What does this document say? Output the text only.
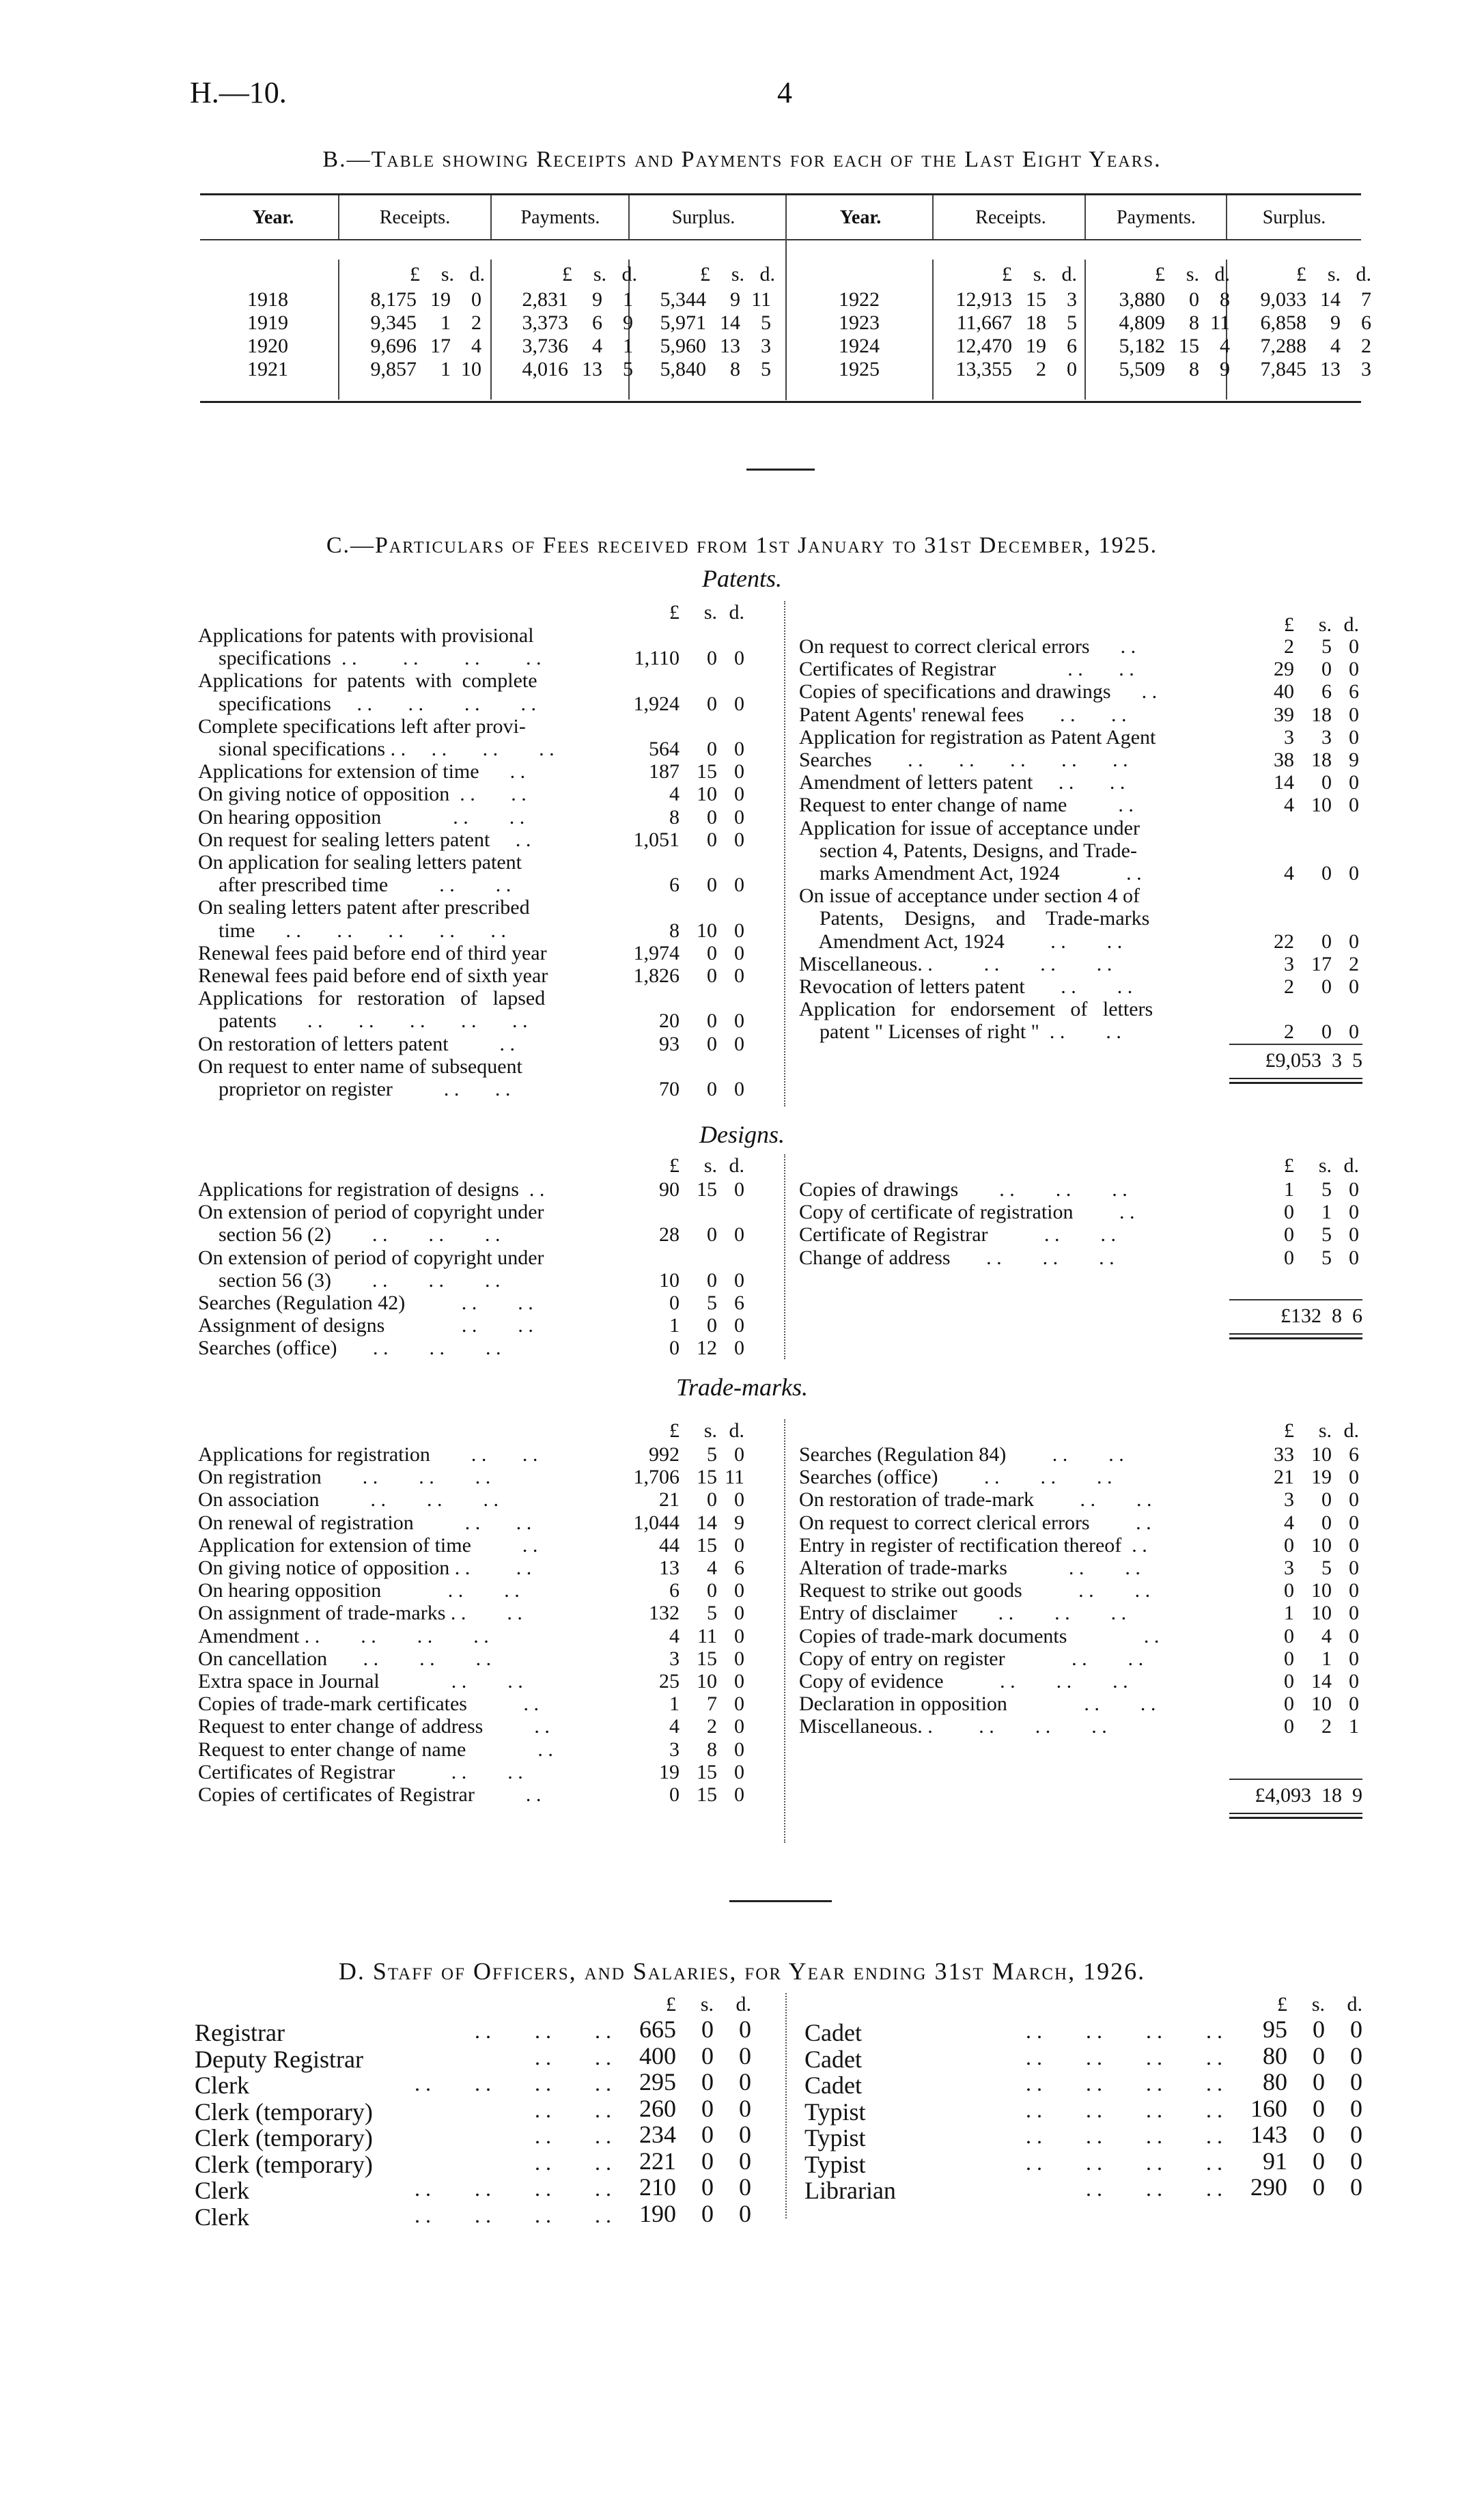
H.—10.	4
B.—Table showing Receipts and Payments for each of the Last Eight Years.
Year.	Receipts.	Payments.	Surplus.	Year.	Receipts.	Payments.	Surplus.
£ s. d.	£ s. d.	£ s. d.	£ s. d.	£ s. d.	£ s. d.
1918	8,175 19 0	2,831 9 1	5,344 9 11
1919	9,345 1 2	3,373 6 9	5,971 14 5
1920	9,696 17 4	3,736 4 1	5,960 13 3
1921	9,857 1 10	4,016 13 5	5,840 8 5
1922	12,913 15 3	3,880 0 8	9,033 14 7
1923	11,667 18 5	4,809 8 11	6,858 9 6
1924	12,470 19 6	5,182 15 4	7,288 4 2
1925	13,355 2 0	5,509 8 9	7,845 13 3
C.—Particulars of Fees received from 1st January to 31st December, 1925.
Patents.
£ s. d.
£ s. d.
Applications for patents with provisional
specifications  . .         . .         . .         . .	1,110 0 0
Applications  for  patents  with  complete
specifications     . .       . .        . .        . .	1,924 0 0
Complete specifications left after provi-
sional specifications . .     . .       . .        . .	564 0 0
Applications for extension of time      . .	187 15 0
On giving notice of opposition  . .       . .	4 10 0
On hearing opposition              . .        . .	8 0 0
On request for sealing letters patent     . .	1,051 0 0
On application for sealing letters patent
after prescribed time          . .        . .	6 0 0
On sealing letters patent after prescribed
time      . .       . .       . .       . .       . .	8 10 0
Renewal fees paid before end of third year	1,974 0 0
Renewal fees paid before end of sixth year	1,826 0 0
Applications   for   restoration   of   lapsed
patents      . .       . .       . .       . .       . .	20 0 0
On restoration of letters patent          . .	93 0 0
On request to enter name of subsequent
proprietor on register          . .       . .	70 0 0
On request to correct clerical errors      . .	2 5 0
Certificates of Registrar              . .       . .	29 0 0
Copies of specifications and drawings      . .	40 6 6
Patent Agents' renewal fees       . .       . .	39 18 0
Application for registration as Patent Agent	3 3 0
Searches       . .       . .       . .       . .       . .	38 18 9
Amendment of letters patent     . .       . .	14 0 0
Request to enter change of name          . .	4 10 0
Application for issue of acceptance under
section 4, Patents, Designs, and Trade-
marks Amendment Act, 1924             . .	4 0 0
On issue of acceptance under section 4 of
Patents,    Designs,    and    Trade-marks
Amendment Act, 1924         . .        . .	22 0 0
Miscellaneous. .          . .        . .        . .	3 17 2
Revocation of letters patent       . .        . .	2 0 0
Application   for   endorsement   of   letters
patent " Licenses of right "  . .        . .	2 0 0
£9,053  3  5
Designs.
£ s. d.	£ s. d.
Applications for registration of designs  . .	90 15 0
On extension of period of copyright under
section 56 (2)        . .        . .        . .	28 0 0
On extension of period of copyright under
section 56 (3)        . .        . .        . .	10 0 0
Searches (Regulation 42)           . .        . .	0 5 6
Assignment of designs               . .        . .	1 0 0
Searches (office)       . .        . .        . .	0 12 0
Copies of drawings        . .        . .        . .	1 5 0
Copy of certificate of registration         . .	0 1 0
Certificate of Registrar           . .        . .	0 5 0
Change of address       . .        . .        . .	0 5 0
£132  8  6
Trade-marks.
£ s. d.	£ s. d.
Applications for registration        . .       . .	992 5 0
On registration        . .        . .        . .	1,706 15 11
On association          . .        . .        . .	21 0 0
On renewal of registration          . .       . .	1,044 14 9
Application for extension of time          . .	44 15 0
On giving notice of opposition . .         . .	13 4 6
On hearing opposition             . .        . .	6 0 0
On assignment of trade-marks . .        . .	132 5 0
Amendment . .        . .        . .        . .	4 11 0
On cancellation       . .        . .        . .	3 15 0
Extra space in Journal              . .        . .	25 10 0
Copies of trade-mark certificates           . .	1 7 0
Request to enter change of address          . .	4 2 0
Request to enter change of name              . .	3 8 0
Certificates of Registrar           . .        . .	19 15 0
Copies of certificates of Registrar          . .	0 15 0
Searches (Regulation 84)         . .        . .	33 10 6
Searches (office)         . .        . .        . .	21 19 0
On restoration of trade-mark         . .        . .	3 0 0
On request to correct clerical errors         . .	4 0 0
Entry in register of rectification thereof  . .	0 10 0
Alteration of trade-marks            . .        . .	3 5 0
Request to strike out goods           . .        . .	0 10 0
Entry of disclaimer        . .        . .        . .	1 10 0
Copies of trade-mark documents               . .	0 4 0
Copy of entry on register             . .        . .	0 1 0
Copy of evidence           . .        . .        . .	0 14 0
Declaration in opposition               . .        . .	0 10 0
Miscellaneous. .         . .        . .        . .	0 2 1
£4,093  18  9
D. Staff of Officers, and Salaries, for Year ending 31st March, 1926.
£ s. d.	£ s. d.
Registrar	. .        . .        . .	665 0 0
Deputy Registrar	. .        . .	400 0 0
Clerk	. .        . .        . .        . .	295 0 0
Clerk (temporary)	. .        . .	260 0 0
Clerk (temporary)	. .        . .	234 0 0
Clerk (temporary)	. .        . .	221 0 0
Clerk	. .        . .        . .        . .	210 0 0
Clerk	. .        . .        . .        . .	190 0 0
Cadet	. .        . .        . .        . .	95 0 0
Cadet	. .        . .        . .        . .	80 0 0
Cadet	. .        . .        . .        . .	80 0 0
Typist	. .        . .        . .        . .	160 0 0
Typist	. .        . .        . .        . .	143 0 0
Typist	. .        . .        . .        . .	91 0 0
Librarian	. .        . .        . .	290 0 0
